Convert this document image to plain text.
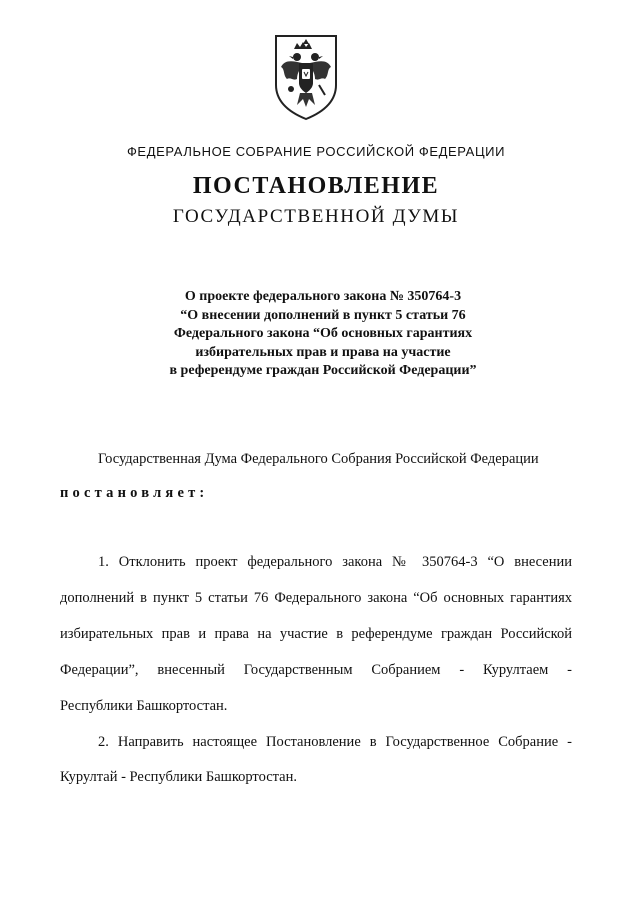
ФЕДЕРАЛЬНОЕ СОБРАНИЕ РОССИЙСКОЙ ФЕДЕРАЦИИ
ПОСТАНОВЛЕНИЕ
ГОСУДАРСТВЕННОЙ ДУМЫ
О проекте федерального закона № 350764-3
“О внесении дополнений в пункт 5 статьи 76
Федерального закона “Об основных гарантиях
избирательных прав и права на участие
в референдуме граждан Российской Федерации”
Государственная Дума Федерального Собрания Российской Федерации
постановляет:
1. Отклонить проект федерального закона № 350764-3 “О внесении
дополнений в пункт 5 статьи 76 Федерального закона “Об основных гарантиях
избирательных прав и права на участие в референдуме граждан Российской
Федерации”, внесенный Государственным Собранием - Курултаем -
Республики Башкортостан.
2. Направить настоящее Постановление в Государственное Собрание -
Курултай - Республики Башкортостан.
